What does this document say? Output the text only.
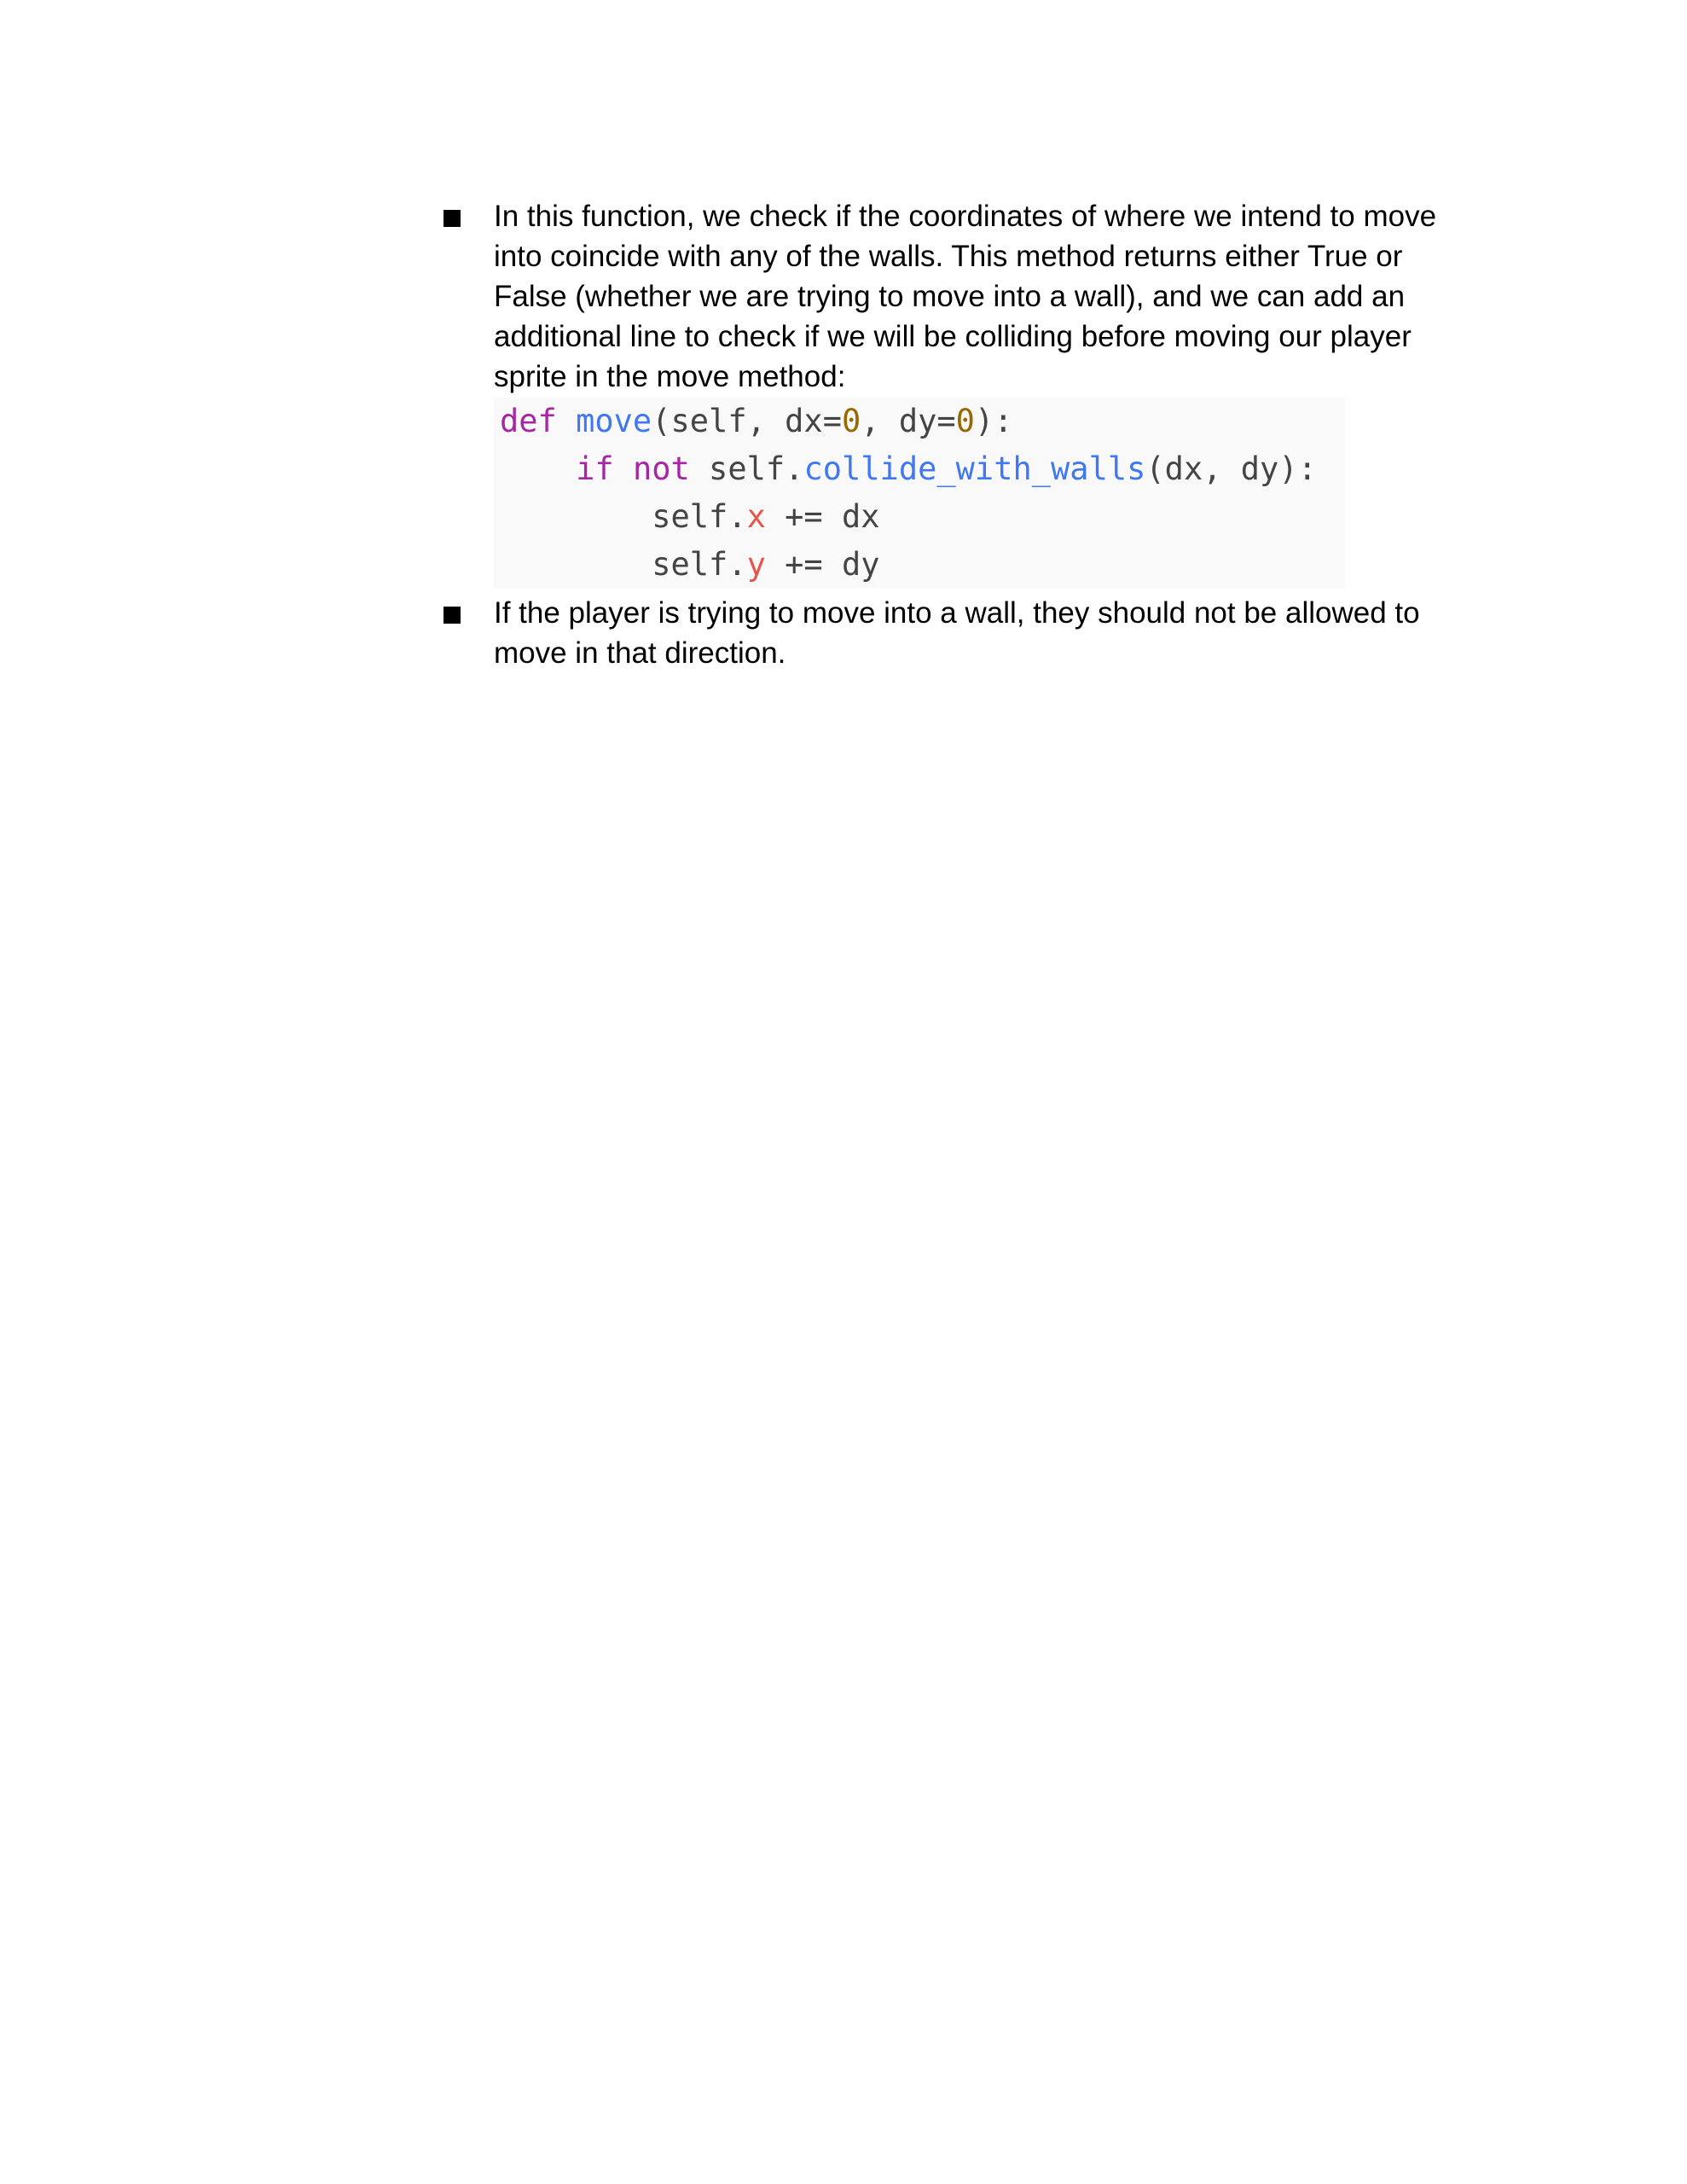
In this function, we check if the coordinates of where we intend to move
into coincide with any of the walls. This method returns either True or
False (whether we are trying to move into a wall), and we can add an
additional line to check if we will be colliding before moving our player
sprite in the move method:
def move(self, dx=0, dy=0):
if not self.collide_with_walls(dx, dy):
self.x += dx
self.y += dy
If the player is trying to move into a wall, they should not be allowed to
move in that direction.
